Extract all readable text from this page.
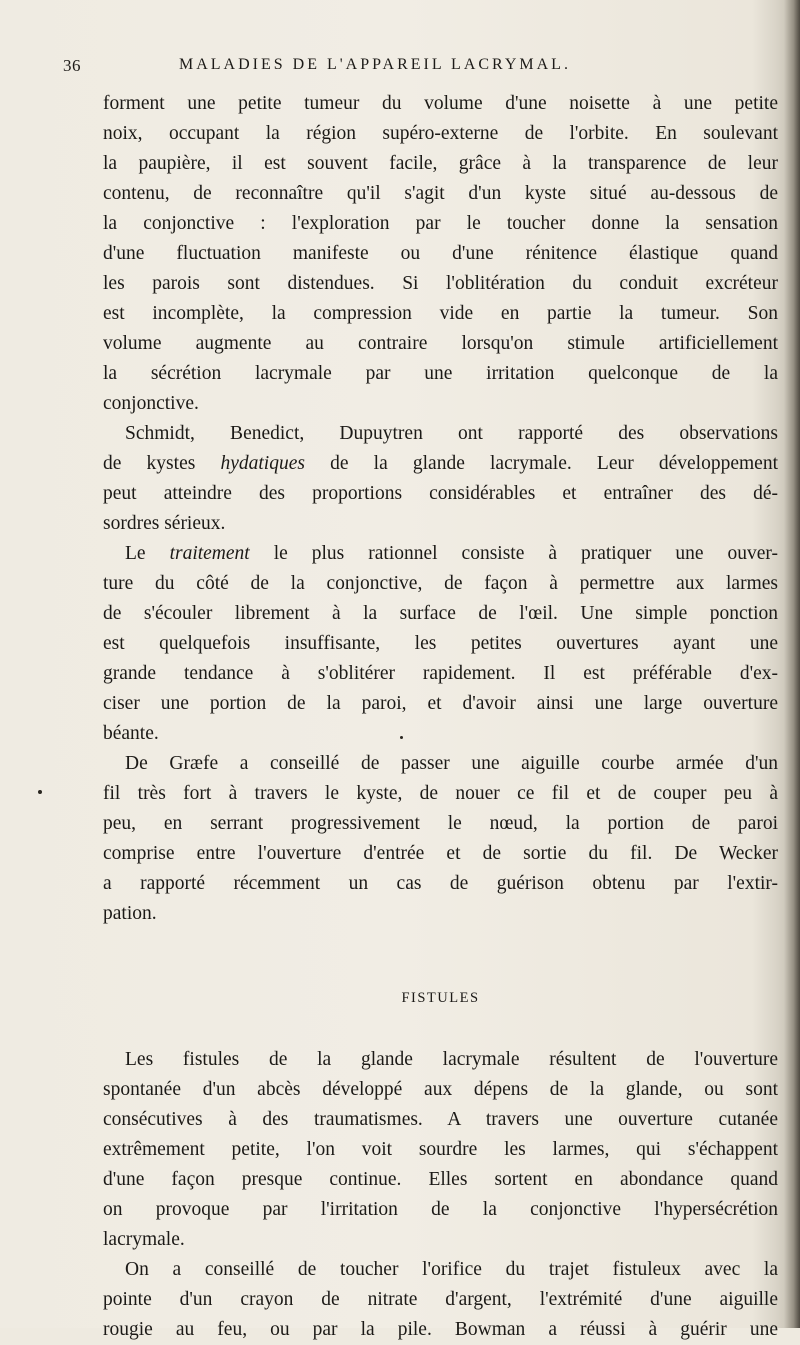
36	MALADIES DE L'APPAREIL LACRYMAL.
forment une petite tumeur du volume d'une noisette à une petite
noix, occupant la région supéro-externe de l'orbite. En soulevant
la paupière, il est souvent facile, grâce à la transparence de leur
contenu, de reconnaître qu'il s'agit d'un kyste situé au-dessous de
la conjonctive : l'exploration par le toucher donne la sensation
d'une fluctuation manifeste ou d'une rénitence élastique quand
les parois sont distendues. Si l'oblitération du conduit excréteur
est incomplète, la compression vide en partie la tumeur. Son
volume augmente au contraire lorsqu'on stimule artificiellement
la sécrétion lacrymale par une irritation quelconque de la
conjonctive.
Schmidt, Benedict, Dupuytren ont rapporté des observations
de kystes hydatiques de la glande lacrymale. Leur développement
peut atteindre des proportions considérables et entraîner des dé-
sordres sérieux.
Le traitement le plus rationnel consiste à pratiquer une ouver-
ture du côté de la conjonctive, de façon à permettre aux larmes
de s'écouler librement à la surface de l'œil. Une simple ponction
est quelquefois insuffisante, les petites ouvertures ayant une
grande tendance à s'oblitérer rapidement. Il est préférable d'ex-
ciser une portion de la paroi, et d'avoir ainsi une large ouverture
béante.
De Græfe a conseillé de passer une aiguille courbe armée d'un
fil très fort à travers le kyste, de nouer ce fil et de couper peu à
peu, en serrant progressivement le nœud, la portion de paroi
comprise entre l'ouverture d'entrée et de sortie du fil. De Wecker
a rapporté récemment un cas de guérison obtenu par l'extir-
pation.
FISTULES
Les fistules de la glande lacrymale résultent de l'ouverture
spontanée d'un abcès développé aux dépens de la glande, ou sont
consécutives à des traumatismes. A travers une ouverture cutanée
extrêmement petite, l'on voit sourdre les larmes, qui s'échappent
d'une façon presque continue. Elles sortent en abondance quand
on provoque par l'irritation de la conjonctive l'hypersécrétion
lacrymale.
On a conseillé de toucher l'orifice du trajet fistuleux avec la
pointe d'un crayon de nitrate d'argent, l'extrémité d'une aiguille
rougie au feu, ou par la pile. Bowman a réussi à guérir une
